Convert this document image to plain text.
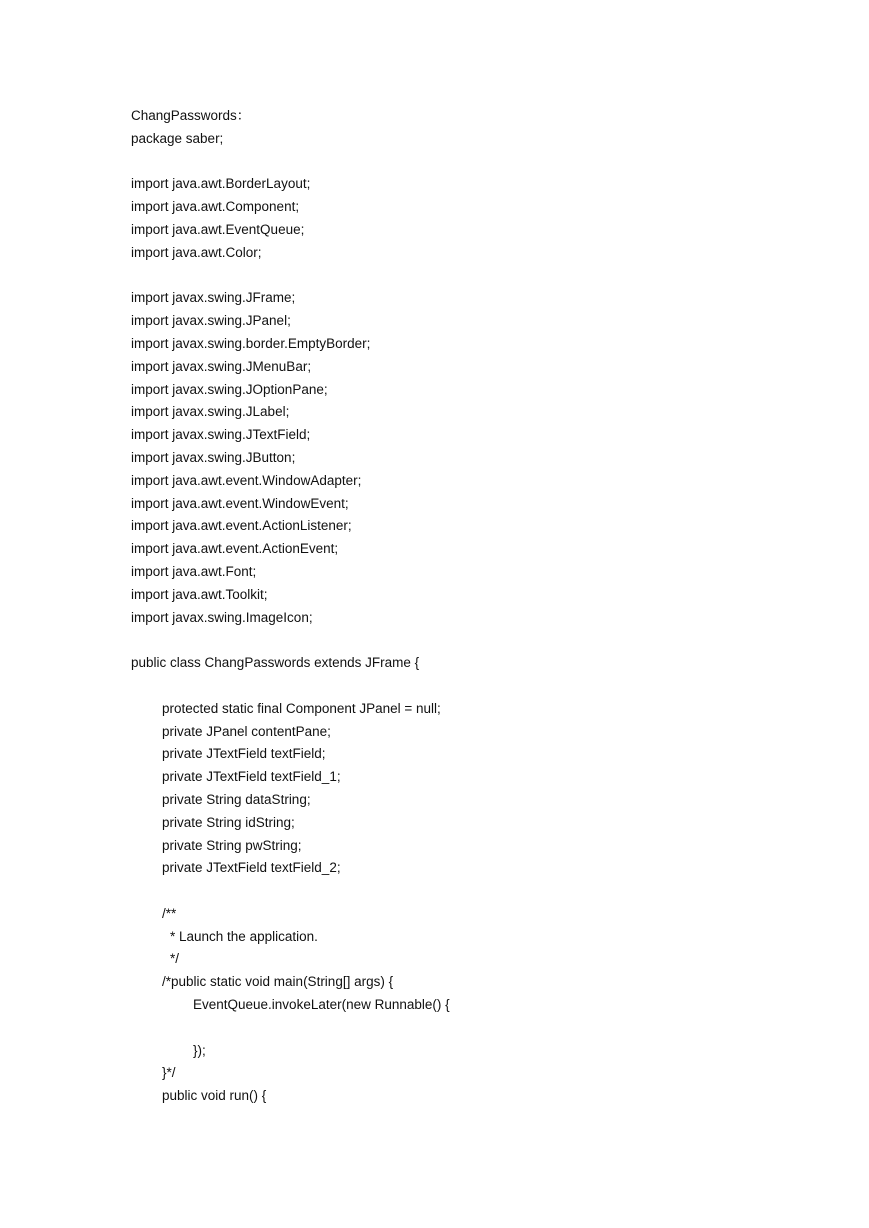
ChangPasswords：
package saber;
import java.awt.BorderLayout;
import java.awt.Component;
import java.awt.EventQueue;
import java.awt.Color;
import javax.swing.JFrame;
import javax.swing.JPanel;
import javax.swing.border.EmptyBorder;
import javax.swing.JMenuBar;
import javax.swing.JOptionPane;
import javax.swing.JLabel;
import javax.swing.JTextField;
import javax.swing.JButton;
import java.awt.event.WindowAdapter;
import java.awt.event.WindowEvent;
import java.awt.event.ActionListener;
import java.awt.event.ActionEvent;
import java.awt.Font;
import java.awt.Toolkit;
import javax.swing.ImageIcon;
public class ChangPasswords extends JFrame {
protected static final Component JPanel = null;
private JPanel contentPane;
private JTextField textField;
private JTextField textField_1;
private String dataString;
private String idString;
private String pwString;
private JTextField textField_2;
/**
* Launch the application.
*/
/*public static void main(String[] args) {
EventQueue.invokeLater(new Runnable() {
});
}*/
public void run() {
